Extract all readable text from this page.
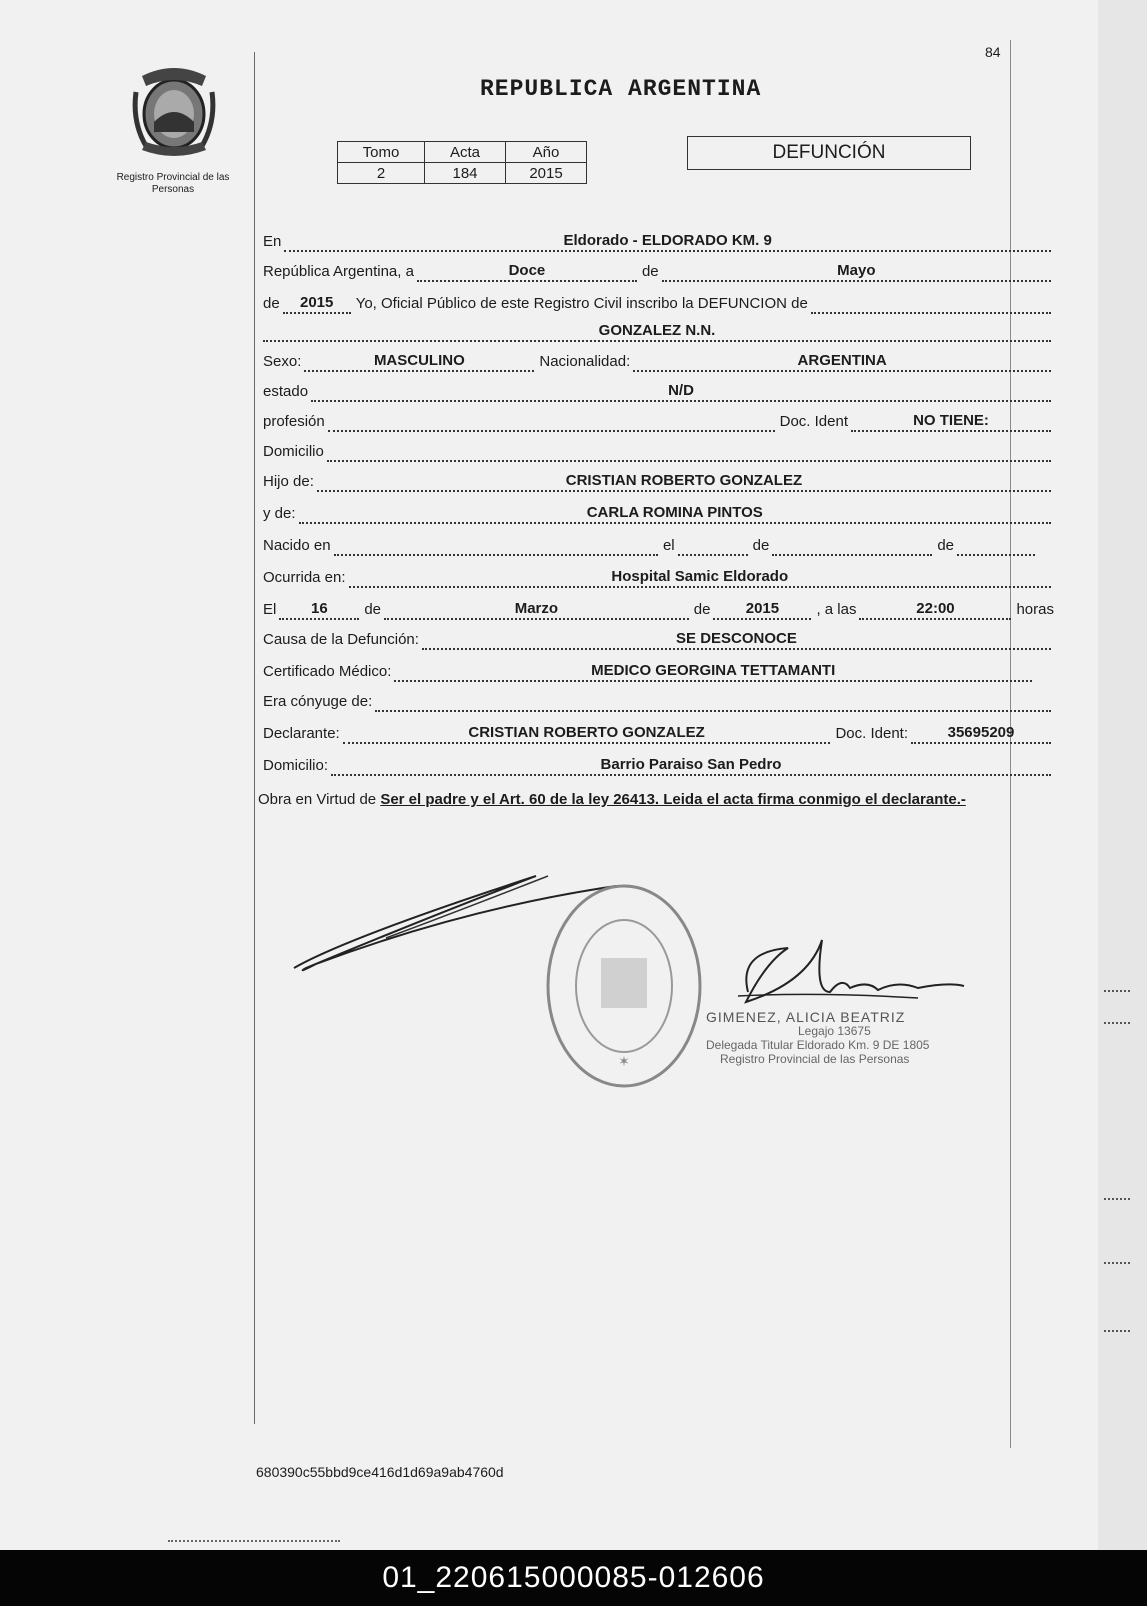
84
Registro Provincial de las Personas
REPUBLICA ARGENTINA
Tomo	Acta	Año
2	184	2015
DEFUNCIÓN
En	Eldorado - ELDORADO KM. 9
República Argentina, a	Doce	de	Mayo
de	2015	Yo, Oficial Público de este Registro Civil inscribo la DEFUNCION de
GONZALEZ N.N.
Sexo:	MASCULINO	Nacionalidad:	ARGENTINA
estado	N/D
profesión	Doc. Ident	NO TIENE:
Domicilio
Hijo de:	CRISTIAN ROBERTO GONZALEZ
y de:	CARLA ROMINA PINTOS
Nacido en	el	de	de
Ocurrida en:	Hospital Samic Eldorado
El	16	de	Marzo	de	2015	, a las	22:00	horas
Causa de la Defunción:	SE DESCONOCE
Certificado Médico:	MEDICO GEORGINA TETTAMANTI
Era cónyuge de:
Declarante:	CRISTIAN ROBERTO GONZALEZ	Doc. Ident:	35695209
Domicilio:	Barrio Paraiso San Pedro
Obra en Virtud de Ser el padre y el Art. 60 de la ley 26413. Leida el acta firma conmigo el declarante.-
✶
GIMENEZ, ALICIA BEATRIZ
Legajo 13675
Delegada Titular Eldorado Km. 9 DE 1805
Registro Provincial de las Personas
680390c55bbd9ce416d1d69a9ab4760d
01_220615000085-012606
